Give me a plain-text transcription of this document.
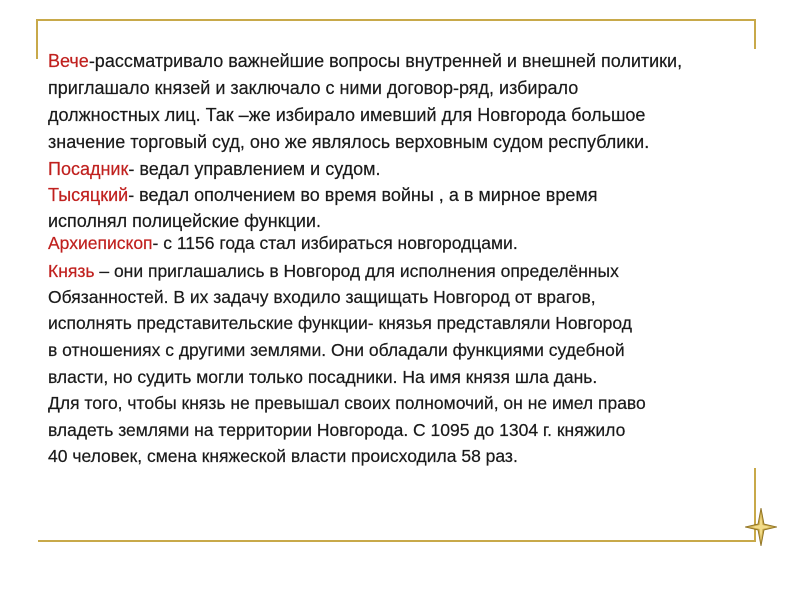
Вече-рассматривало важнейшие вопросы внутренней и внешней политики,
приглашало князей и заключало с ними договор-ряд, избирало
должностных лиц. Так –же избирало имевший для Новгорода большое
значение торговый суд, оно же являлось верховным судом республики.
Посадник- ведал управлением и судом.
Тысяцкий- ведал ополчением во время войны , а в мирное время
исполнял полицейские функции.
Архиепископ- с 1156 года стал избираться новгородцами.
Князь – они приглашались в Новгород для исполнения определённых
Обязанностей. В их задачу входило защищать Новгород от врагов,
исполнять представительские функции- князья представляли Новгород
в отношениях с другими землями. Они обладали функциями судебной
власти, но судить могли только посадники. На имя князя шла дань.
Для того, чтобы князь не превышал своих полномочий, он не имел право
владеть землями на территории Новгорода. С 1095 до 1304 г. княжило
40 человек, смена княжеской власти происходила 58 раз.
